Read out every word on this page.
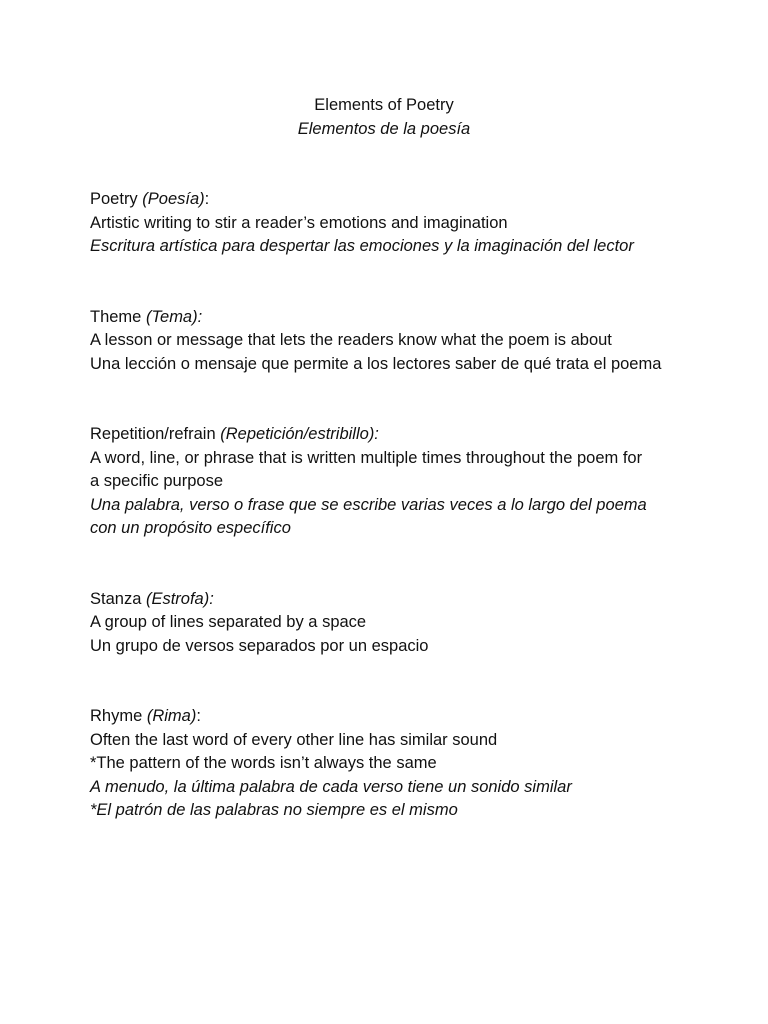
Elements of Poetry
Elementos de la poesía
Poetry (Poesía):
Artistic writing to stir a reader’s emotions and imagination
Escritura artística para despertar las emociones y la imaginación del lector
Theme (Tema):
A lesson or message that lets the readers know what the poem is about
Una lección o mensaje que permite a los lectores saber de qué trata el poema
Repetition/refrain (Repetición/estribillo):
A word, line, or phrase that is written multiple times throughout the poem for
a specific purpose
Una palabra, verso o frase que se escribe varias veces a lo largo del poema
con un propósito específico
Stanza (Estrofa):
A group of lines separated by a space
Un grupo de versos separados por un espacio
Rhyme (Rima):
Often the last word of every other line has similar sound
*The pattern of the words isn’t always the same
A menudo, la última palabra de cada verso tiene un sonido similar
*El patrón de las palabras no siempre es el mismo
